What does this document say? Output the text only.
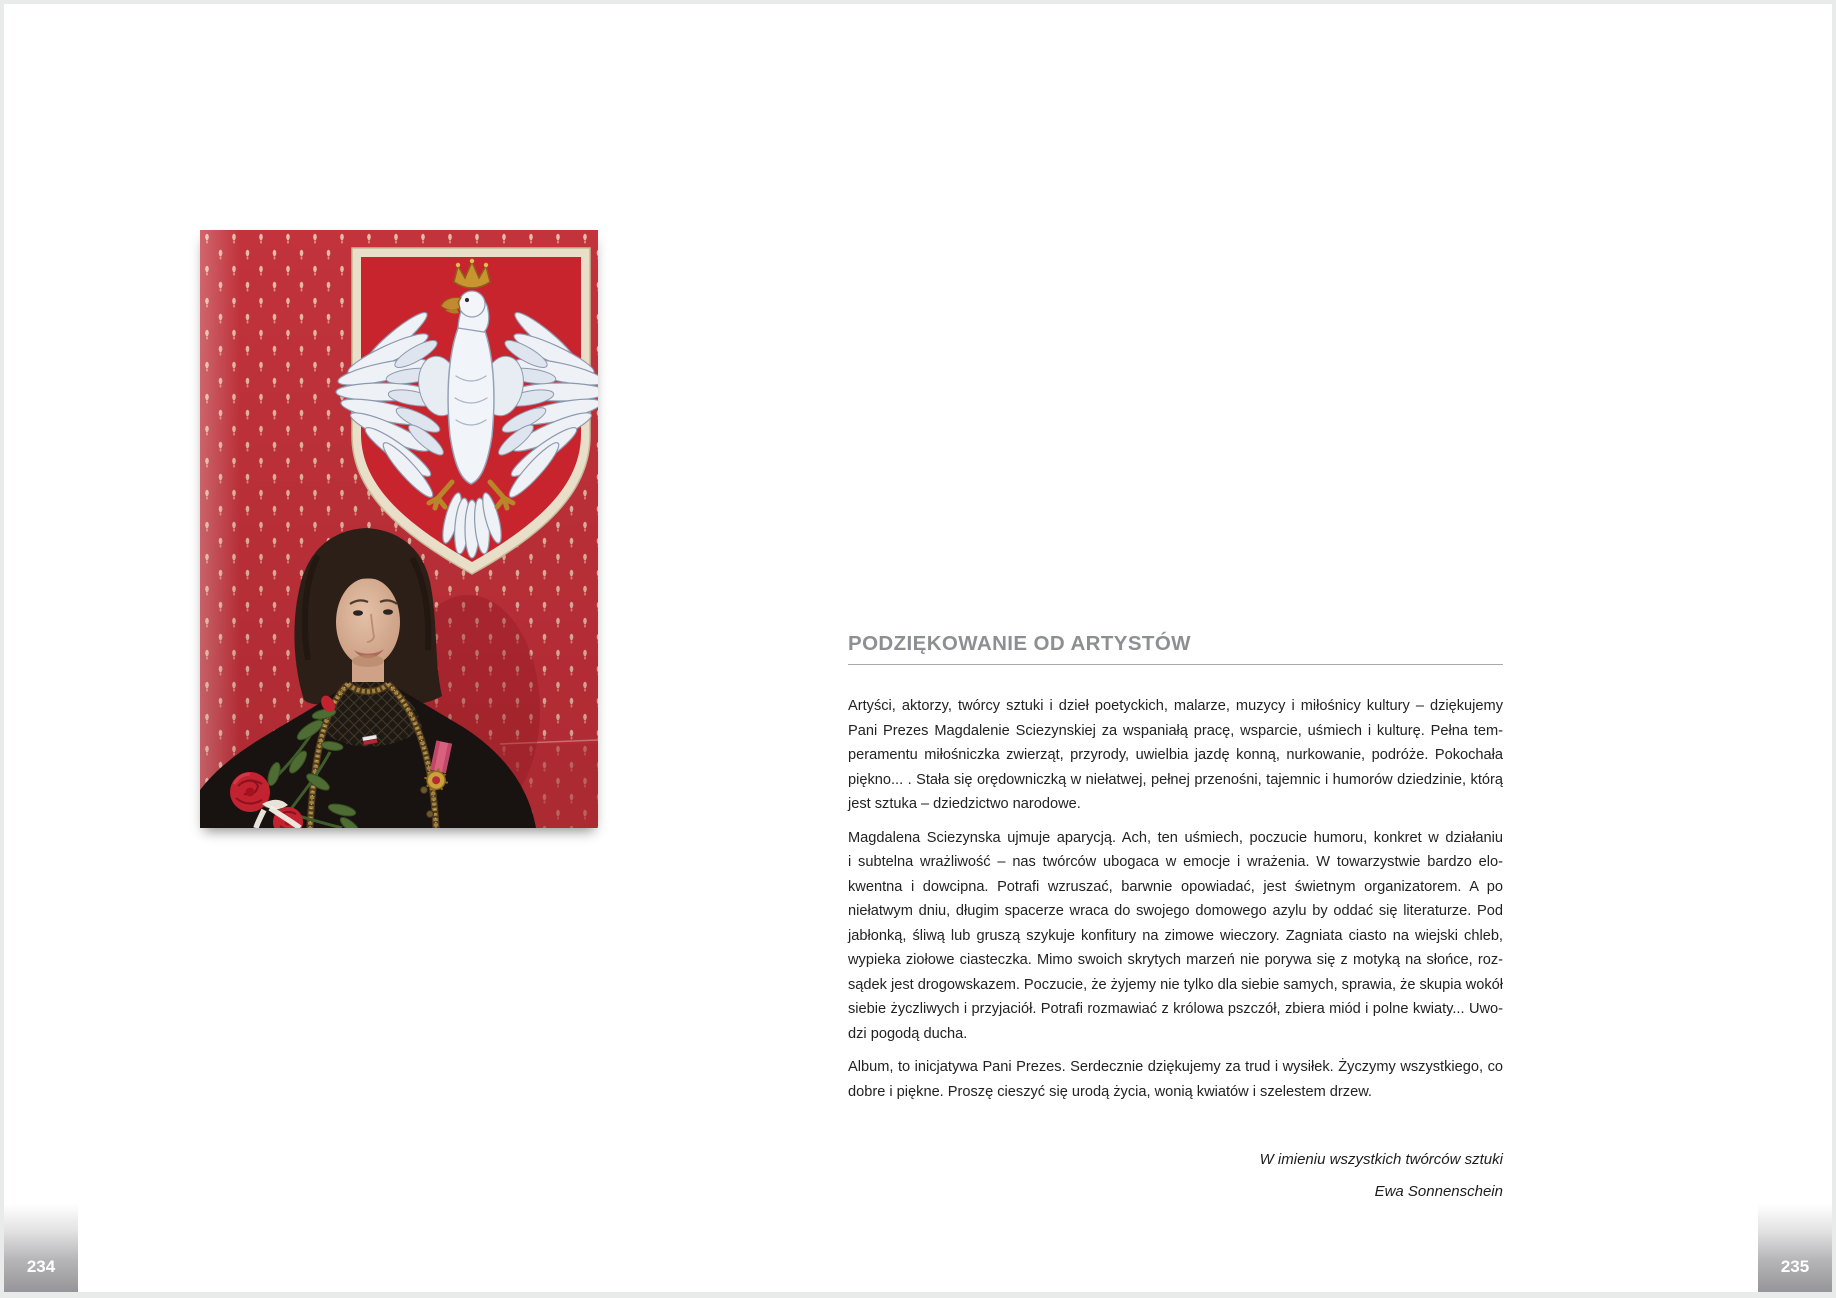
PODZIĘKOWANIE OD ARTYSTÓW
Artyści, aktorzy, twórcy sztuki i dzieł poetyckich, malarze, muzycy i miłośnicy kultury – dziękujemy
Pani Prezes Magdalenie Sciezynskiej za wspaniałą pracę, wsparcie, uśmiech i kulturę. Pełna tem-
peramentu miłośniczka zwierząt, przyrody, uwielbia jazdę konną, nurkowanie, podróże. Pokochała
piękno... . Stała się orędowniczką w niełatwej, pełnej przenośni, tajemnic i humorów dziedzinie, którą
jest sztuka – dziedzictwo narodowe.
Magdalena Sciezynska ujmuje aparycją. Ach, ten uśmiech, poczucie humoru, konkret w działaniu
i subtelna wrażliwość – nas twórców ubogaca w emocje i wrażenia. W towarzystwie bardzo elo-
kwentna i dowcipna. Potrafi wzruszać, barwnie opowiadać, jest świetnym organizatorem. A po
niełatwym dniu, długim spacerze wraca do swojego domowego azylu by oddać się literaturze. Pod
jabłonką, śliwą lub gruszą szykuje konfitury na zimowe wieczory. Zagniata ciasto na wiejski chleb,
wypieka ziołowe ciasteczka. Mimo swoich skrytych marzeń nie porywa się z motyką na słońce, roz-
sądek jest drogowskazem. Poczucie, że żyjemy nie tylko dla siebie samych, sprawia, że skupia wokół
siebie życzliwych i przyjaciół. Potrafi rozmawiać z królowa pszczół, zbiera miód i polne kwiaty... Uwo-
dzi pogodą ducha.
Album, to inicjatywa Pani Prezes. Serdecznie dziękujemy za trud i wysiłek. Życzymy wszystkiego, co
dobre i piękne. Proszę cieszyć się urodą życia, wonią kwiatów i szelestem drzew.
W imieniu wszystkich twórców sztuki
Ewa Sonnenschein
234	235
